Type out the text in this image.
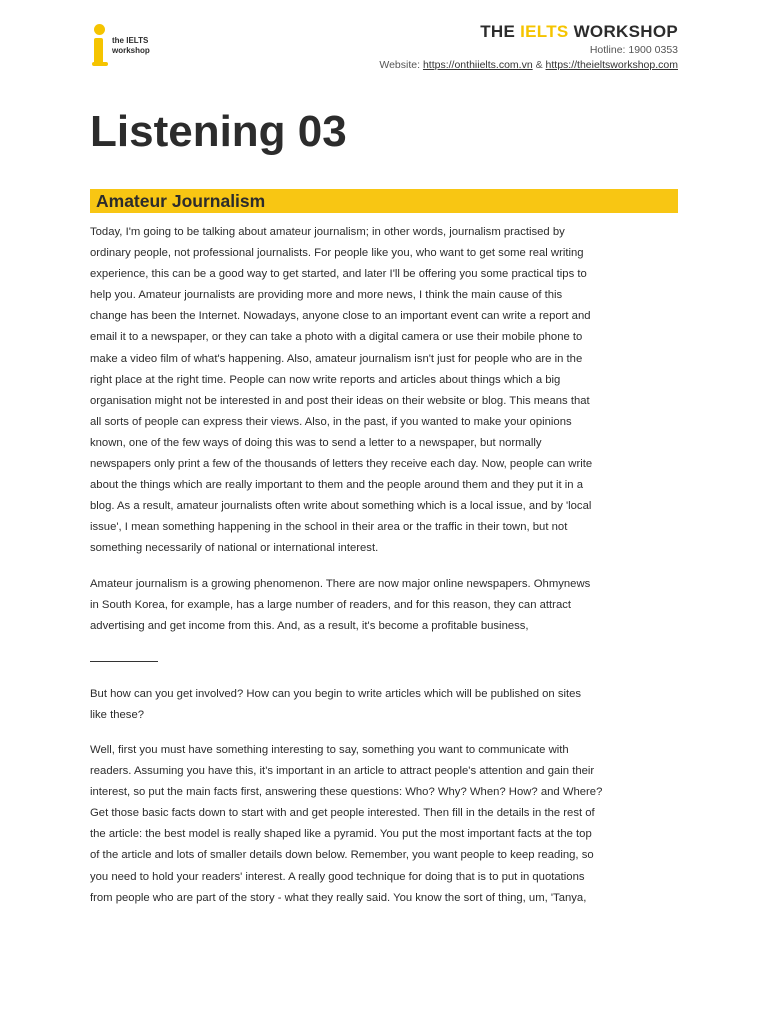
the IELTS
workshop
THE IELTS WORKSHOP
Hotline: 1900 0353
Website: https://onthiielts.com.vn & https://theieltsworkshop.com
Listening 03
Amateur Journalism

Today, I'm going to be talking about amateur journalism; in other words, journalism practised by
ordinary people, not professional journalists. For people like you, who want to get some real writing
experience, this can be a good way to get started, and later I'll be offering you some practical tips to
help you. Amateur journalists are providing more and more news, I think the main cause of this
change has been the Internet. Nowadays, anyone close to an important event can write a report and
email it to a newspaper, or they can take a photo with a digital camera or use their mobile phone to
make a video film of what's happening. Also, amateur journalism isn't just for people who are in the
right place at the right time. People can now write reports and articles about things which a big
organisation might not be interested in and post their ideas on their website or blog. This means that
all sorts of people can express their views. Also, in the past, if you wanted to make your opinions
known, one of the few ways of doing this was to send a letter to a newspaper, but normally
newspapers only print a few of the thousands of letters they receive each day. Now, people can write
about the things which are really important to them and the people around them and they put it in a
blog. As a result, amateur journalists often write about something which is a local issue, and by 'local
issue', I mean something happening in the school in their area or the traffic in their town, but not
something necessarily of national or international interest.

Amateur journalism is a growing phenomenon. There are now major online newspapers. Ohmynews
in South Korea, for example, has a large number of readers, and for this reason, they can attract
advertising and get income from this. And, as a result, it's become a profitable business,

But how can you get involved? How can you begin to write articles which will be published on sites
like these?

Well, first you must have something interesting to say, something you want to communicate with
readers. Assuming you have this, it's important in an article to attract people's attention and gain their
interest, so put the main facts first, answering these questions: Who? Why? When? How? and Where?
Get those basic facts down to start with and get people interested. Then fill in the details in the rest of
the article: the best model is really shaped like a pyramid. You put the most important facts at the top
of the article and lots of smaller details down below. Remember, you want people to keep reading, so
you need to hold your readers' interest. A really good technique for doing that is to put in quotations
from people who are part of the story - what they really said. You know the sort of thing, um, 'Tanya,
